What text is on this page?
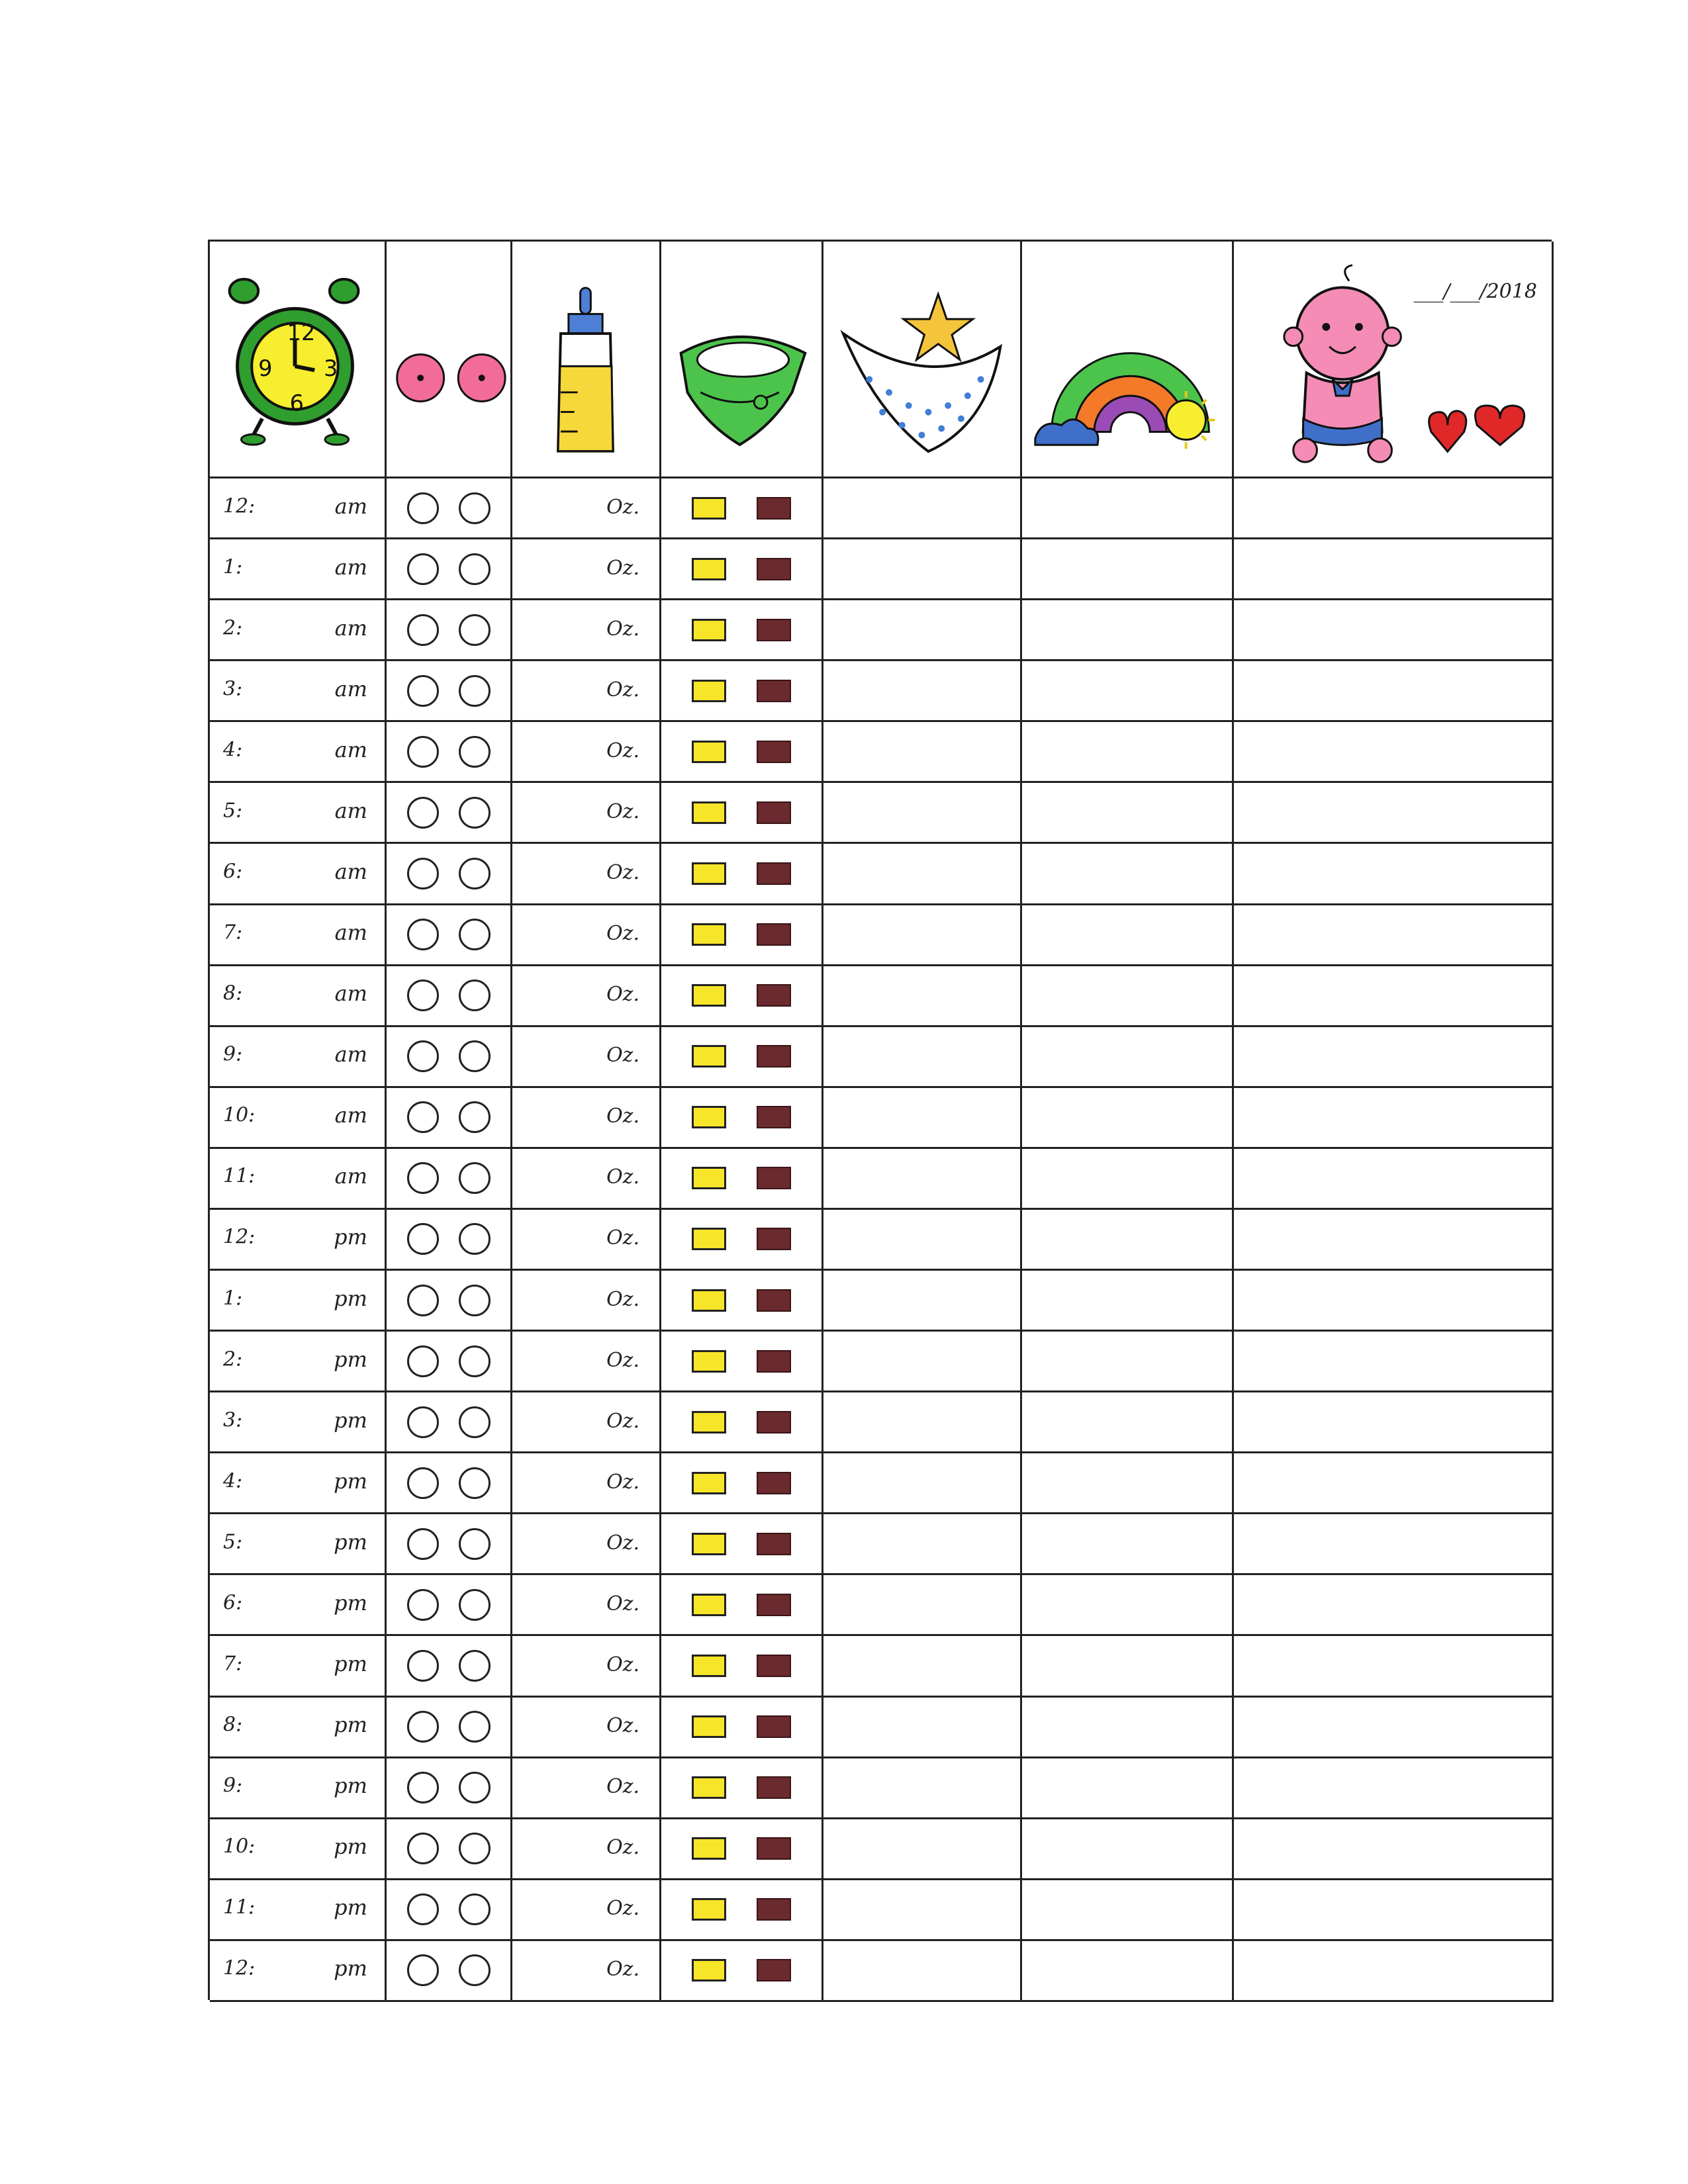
12
9 3
6
___/___/2018
12:	am	Oz.
1:	am	Oz.
2:	am	Oz.
3:	am	Oz.
4:	am	Oz.
5:	am	Oz.
6:	am	Oz.
7:	am	Oz.
8:	am	Oz.
9:	am	Oz.
10:	am	Oz.
11:	am	Oz.
12:	pm	Oz.
1:	pm	Oz.
2:	pm	Oz.
3:	pm	Oz.
4:	pm	Oz.
5:	pm	Oz.
6:	pm	Oz.
7:	pm	Oz.
8:	pm	Oz.
9:	pm	Oz.
10:	pm	Oz.
11:	pm	Oz.
12:	pm	Oz.
